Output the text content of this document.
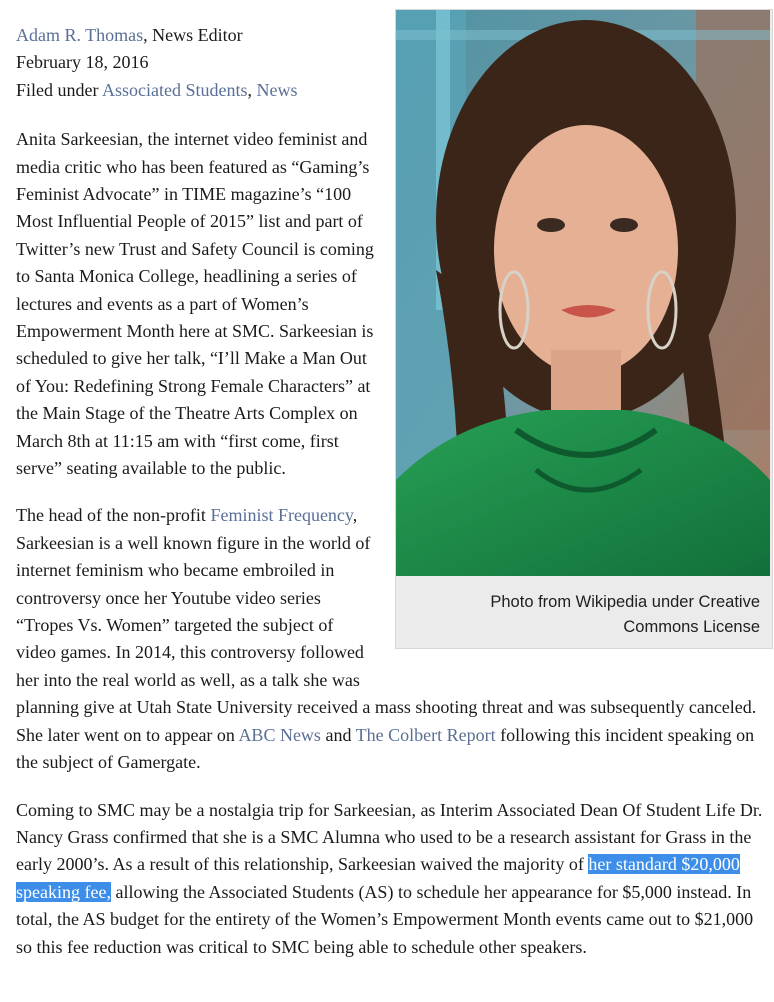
Photo from Wikipedia under Creative Commons License
Adam R. Thomas, News Editor
February 18, 2016
Filed under Associated Students, News

Anita Sarkeesian, the internet video feminist and media critic who has been featured as “Gaming’s Feminist Advocate” in TIME magazine’s “100 Most Influential People of 2015” list and part of Twitter’s new Trust and Safety Council is coming to Santa Monica College, headlining a series of lectures and events as a part of Women’s Empowerment Month here at SMC. Sarkeesian is scheduled to give her talk, “I’ll Make a Man Out of You: Redefining Strong Female Characters” at the Main Stage of the Theatre Arts Complex on March 8th at 11:15 am with “first come, first serve” seating available to the public.

The head of the non-profit Feminist Frequency, Sarkeesian is a well known figure in the world of internet feminism who became embroiled in controversy once her Youtube video series “Tropes Vs. Women” targeted the subject of video games. In 2014, this controversy followed her into the real world as well, as a talk she was planning give at Utah State University received a mass shooting threat and was subsequently canceled. She later went on to appear on ABC News and The Colbert Report following this incident speaking on the subject of Gamergate.

Coming to SMC may be a nostalgia trip for Sarkeesian, as Interim Associated Dean Of Student Life Dr. Nancy Grass confirmed that she is a SMC Alumna who used to be a research assistant for Grass in the early 2000’s. As a result of this relationship, Sarkeesian waived the majority of her standard $20,000 speaking fee, allowing the Associated Students (AS) to schedule her appearance for $5,000 instead. In total, the AS budget for the entirety of the Women’s Empowerment Month events came out to $21,000 so this fee reduction was critical to SMC being able to schedule other speakers.
